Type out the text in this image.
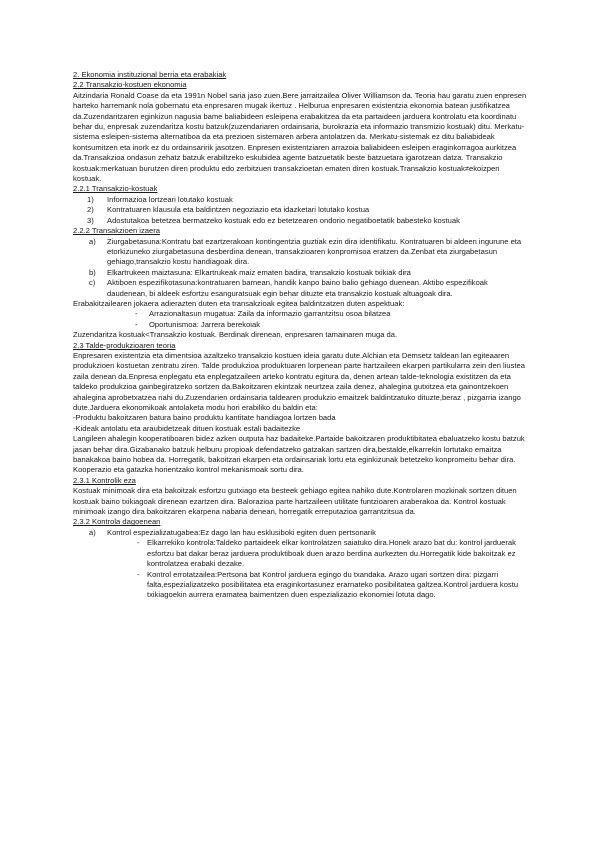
2. Ekonomia instituzional berria eta erabakiak

2.2 Transakzio-kostuen ekonomia

Aitzindaria Ronald Coase da eta 1991n Nobel saria jaso zuen.Bere jarraitzailea Oliver Williamson da. Teoria hau garatu zuen enpresen harteko harremank nola gobernatu eta enpresaren mugak ikertuz . Helburua enpresaren existentzia ekonomia batean justifikatzea da.Zuzendaritzaren eginkizun nagusia bame baliabideen esleipena erabakitzea da eta partaideen jarduera kontrolatu eta koordinatu behar du, enpresak zuzendaritza kostu batzuk(zuzendariaren ordainsaria, burokrazia eta informazio transmizio kostuak) ditu. Merkatu-sistema esleipen-sistema alternatiboa da eta prezioen sistemaren arbera antolatzen da. Merkatu-sistemak ez ditu baliabideak kontsumitzen eta inork ez du ordainsaririk jasotzen. Enpresen existentziaren arrazoia baliabideen esleipen eraginkorragoa aurkitzea da.Transakzioa ondasun zehatz batzuk erabiltzeko eskubidea agente batzuetatik beste batzuetara igarotzean datza. Transakzio kostuak:merkatuan burutzen diren produktu edo zerbitzuen transakzioetan ematen diren kostuak.Transakzio kostuak≠ekoizpen kostuak.

2.2.1 Transakzio-kostuak

1) Informazioa lortzeari lotutako kostuak
2) Kontratuaren klausula eta baldintzen negoziazio eta idazketari lotutako kostua
3) Adostutakoa betetzea bermatzeko kostuak edo ez betetzearen ondorio negatiboetatik babesteko kostuak

2.2.2 Transakzioen izaera

a) Ziurgabetasuna:Kontratu bat ezartzerakoan kontingentzia guztiak ezin dira identifikatu. Kontratuaren bi aldeen ingurune eta etorkizuneko ziurgabetasuna desberdina denean, transakzioaren konpromisoa eratzen da.Zenbat eta ziurgabetasun gehiago,transakzio kostu handiagoak dira.
b) Elkartrukeen maiztasuna: Elkartrukeak maiz ematen badira, transakzio kostuak txikiak dira
c) Aktiboen espezifikotasuna:kontratuaren barnean, handik kanpo baino balio gehiago duenean. Aktibo espezifikoak daudenean, bi aldeek esfortzu esanguratsuak egin behar dituzte eta transakzio kostuak altuagoak dira.

Erabakitzailearen jokaera adierazten duten eta transakzioak egitea baldintzatzen duten aspektuak:

- Arrazionaltasun mugatua: Zaila da informazio garrantzitsu osoa bilatzea
- Oportunismoa: Jarrera berekoiak

Zuzendaritza kostuak<Transakzio kostuak. Berdinak direnean, enpresaren tamainaren muga da.

2.3 Talde-produkzioaren teoria

Enpresaren existentzia eta dimentsioa azaltzeko transakzio kostuen ideia garatu dute.Alchian eta Demsetz taldean lan egiteaaren produkzioen kostuetan zentratu ziren. Talde produkzioa produktuaren lorpenean parte hartzaileen ekarpen partikularra zein den liustea zaila denean da.Enpresa enplegatu eta enplegatzaileen arteko kontratu egitura da, denen artean talde-teknologia existitzen da eta taldeko produkzioa gainbegiratzeko sortzen da.Bakoitzaren ekintzak neurtzea zaila denez, ahalegina gutxitzea eta gainontzekoen ahalegina aprobetxatzea nahi du.Zuzendarien ordainsaria taldearen produkzio emaitzek baldintzatuko dituzte,beraz , pizgarria izango dute.Jarduera ekonomikoak antolaketa modu hori erabiliko du baldin eta:

-Produktu bakoitzaren batura baino produktu kantitate handiagoa lortzen bada

-Kideak antolatu eta araubidetzeak dituen kostuak estali badaitezke

Langileen ahalegin kooperatiboaren bidez azken outputa haz badaiteke.Partaide bakoitzaren produktibitatea ebaluatzeko kostu batzuk jasan behar dira.Gizabanako batzuk helburu propioak defendatzeko gatzakan sartzen dira,bestalde,elkarrekin lortutako emaitza banakakoa baino hobea da. Horregatik, bakoitzari ekarpen eta ordainsariak lortu eta eginkizunak betetzeko konpromeitu behar dira. Kooperazio eta gatazka horientzako kontrol mekanismoak sortu dira.

2.3.1 Kontrolik eza

Kostuak minimoak dira eta bakoitzak esfortzu gutxiago eta besteek gehiago egitea nahiko dute.Kontrolaren mozkinak sortzen dituen kostuak baino txikiagoak direnean ezartzen dira. Balorazioa parte hartzaileen utilitate funtzioaren araberakoa da. Kontrol kostuak minimoak izango dira bakoitzaren ekarpena nabaria denean, horregatik erreputazioa garrantzitsua da.

2.3.2 Kontrola dagoenean

a) Kontrol espezializatugabea:Ez dago lan hau esklusiboki egiten duen pertsonarik
- Elkarrekiko kontrola:Taldeko partaideek elkar kontrolatzen saiatuko dira.Honek arazo bat du: kontrol jarduerak esfortzu bat dakar beraz jarduera produktiboak duen arazo berdina aurkezten du.Horregatik kide bakoitzak ez kontrolatzea erabaki dezake.
- Kontrol errotatzailea:Pertsona bat Kontrol jarduera egingo du txandaka. Arazo ugari sortzen dira: pizgarri falta,espezializatzeko posibilitatea eta eraginkortasunez erarnateko posibilitatea galtzea.Kontrol jarduera kostu txikiagoekin aurrera eramatea baimentzen duen espezializazio ekonomiei lotuta dago.
